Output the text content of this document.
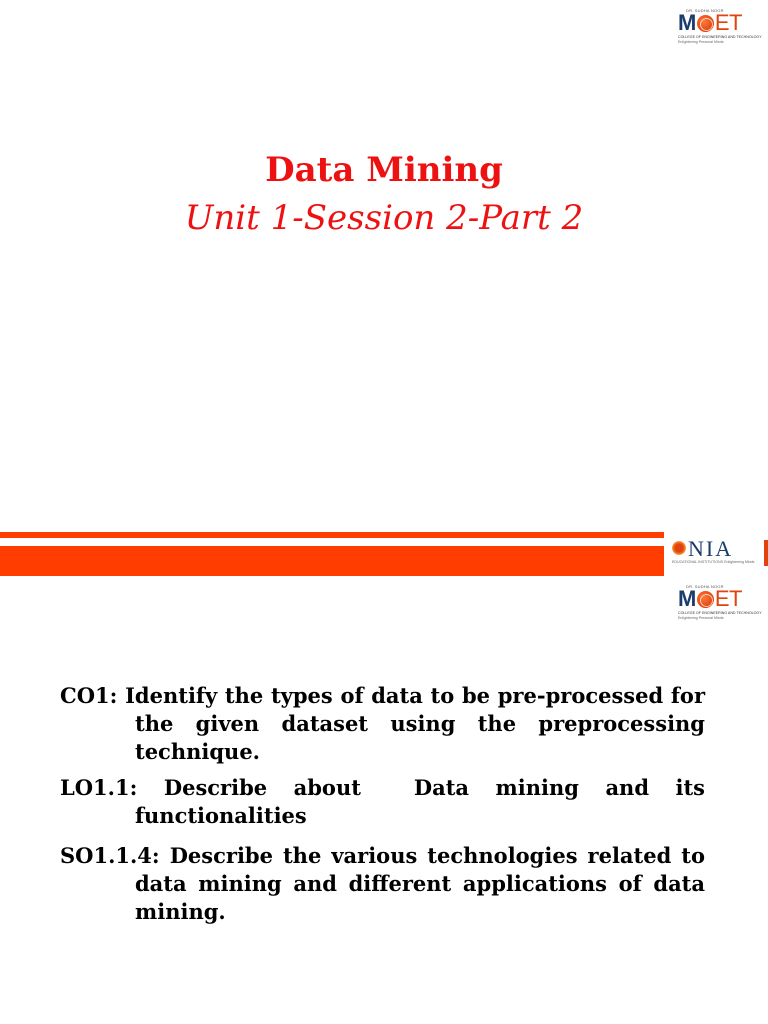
DR. SUDHA NOOR
M ET
COLLEGE OF ENGINEERING AND TECHNOLOGY
Enlightening Personal Minds
Data Mining
Unit 1-Session 2-Part 2
NIA
EDUCATIONAL INSTITUTIONS Enlightening Minds
DR. SUDHA NOOR
M ET
COLLEGE OF ENGINEERING AND TECHNOLOGY
Enlightening Personal Minds

CO1: Identify the types of data to be pre-processed for the given dataset using the preprocessing technique.

LO1.1: Describe about  Data mining and its functionalities

SO1.1.4: Describe the various technologies related to data mining and different applications of data mining.
